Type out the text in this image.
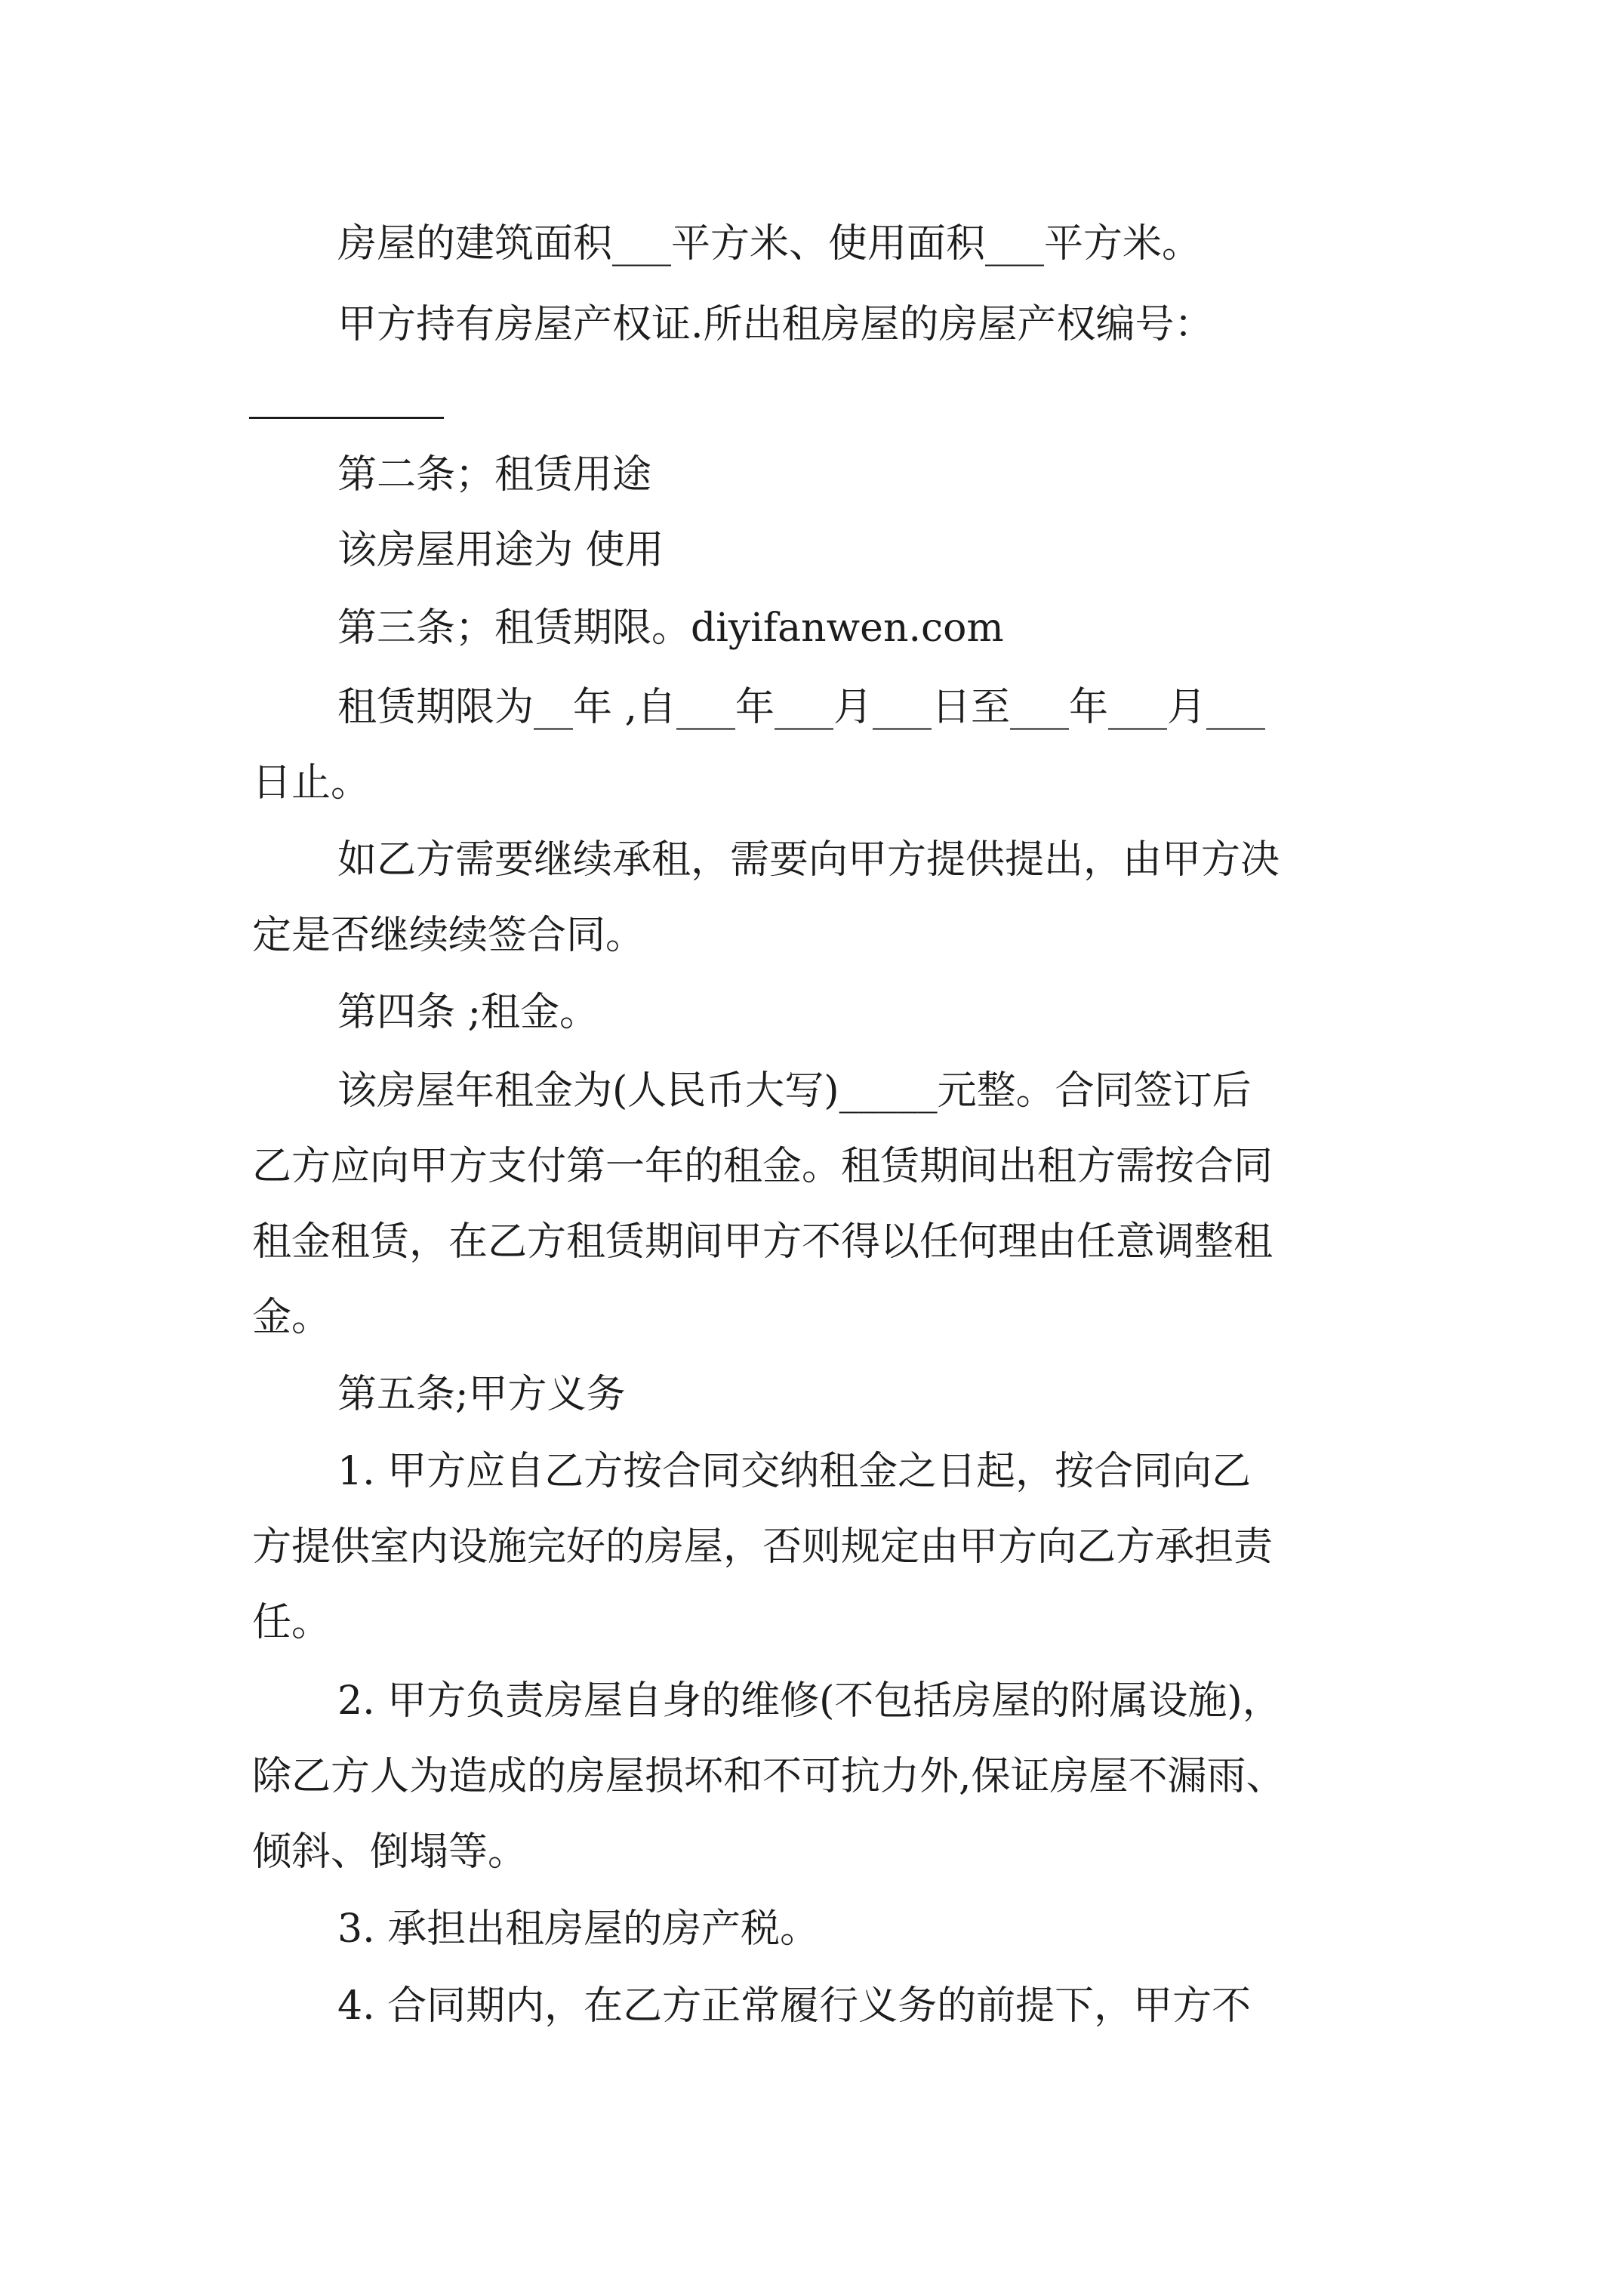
房屋的建筑面积___平方米、使用面积___平方米。
甲方持有房屋产权证.所出租房屋的房屋产权编号：
第二条；租赁用途
该房屋用途为 使用
第三条；租赁期限。diyifanwen.com
租赁期限为__年 ,自___年___月___日至___年___月___
日止。
如乙方需要继续承租，需要向甲方提供提出，由甲方决
定是否继续续签合同。
第四条 ;租金。
该房屋年租金为(人民币大写)_____元整。合同签订后
乙方应向甲方支付第一年的租金。租赁期间出租方需按合同
租金租赁，在乙方租赁期间甲方不得以任何理由任意调整租
金。
第五条;甲方义务
1. 甲方应自乙方按合同交纳租金之日起，按合同向乙
方提供室内设施完好的房屋，否则规定由甲方向乙方承担责
任。
2. 甲方负责房屋自身的维修(不包括房屋的附属设施)，
除乙方人为造成的房屋损坏和不可抗力外,保证房屋不漏雨、
倾斜、倒塌等。
3. 承担出租房屋的房产税。
4. 合同期内，在乙方正常履行义务的前提下，甲方不
